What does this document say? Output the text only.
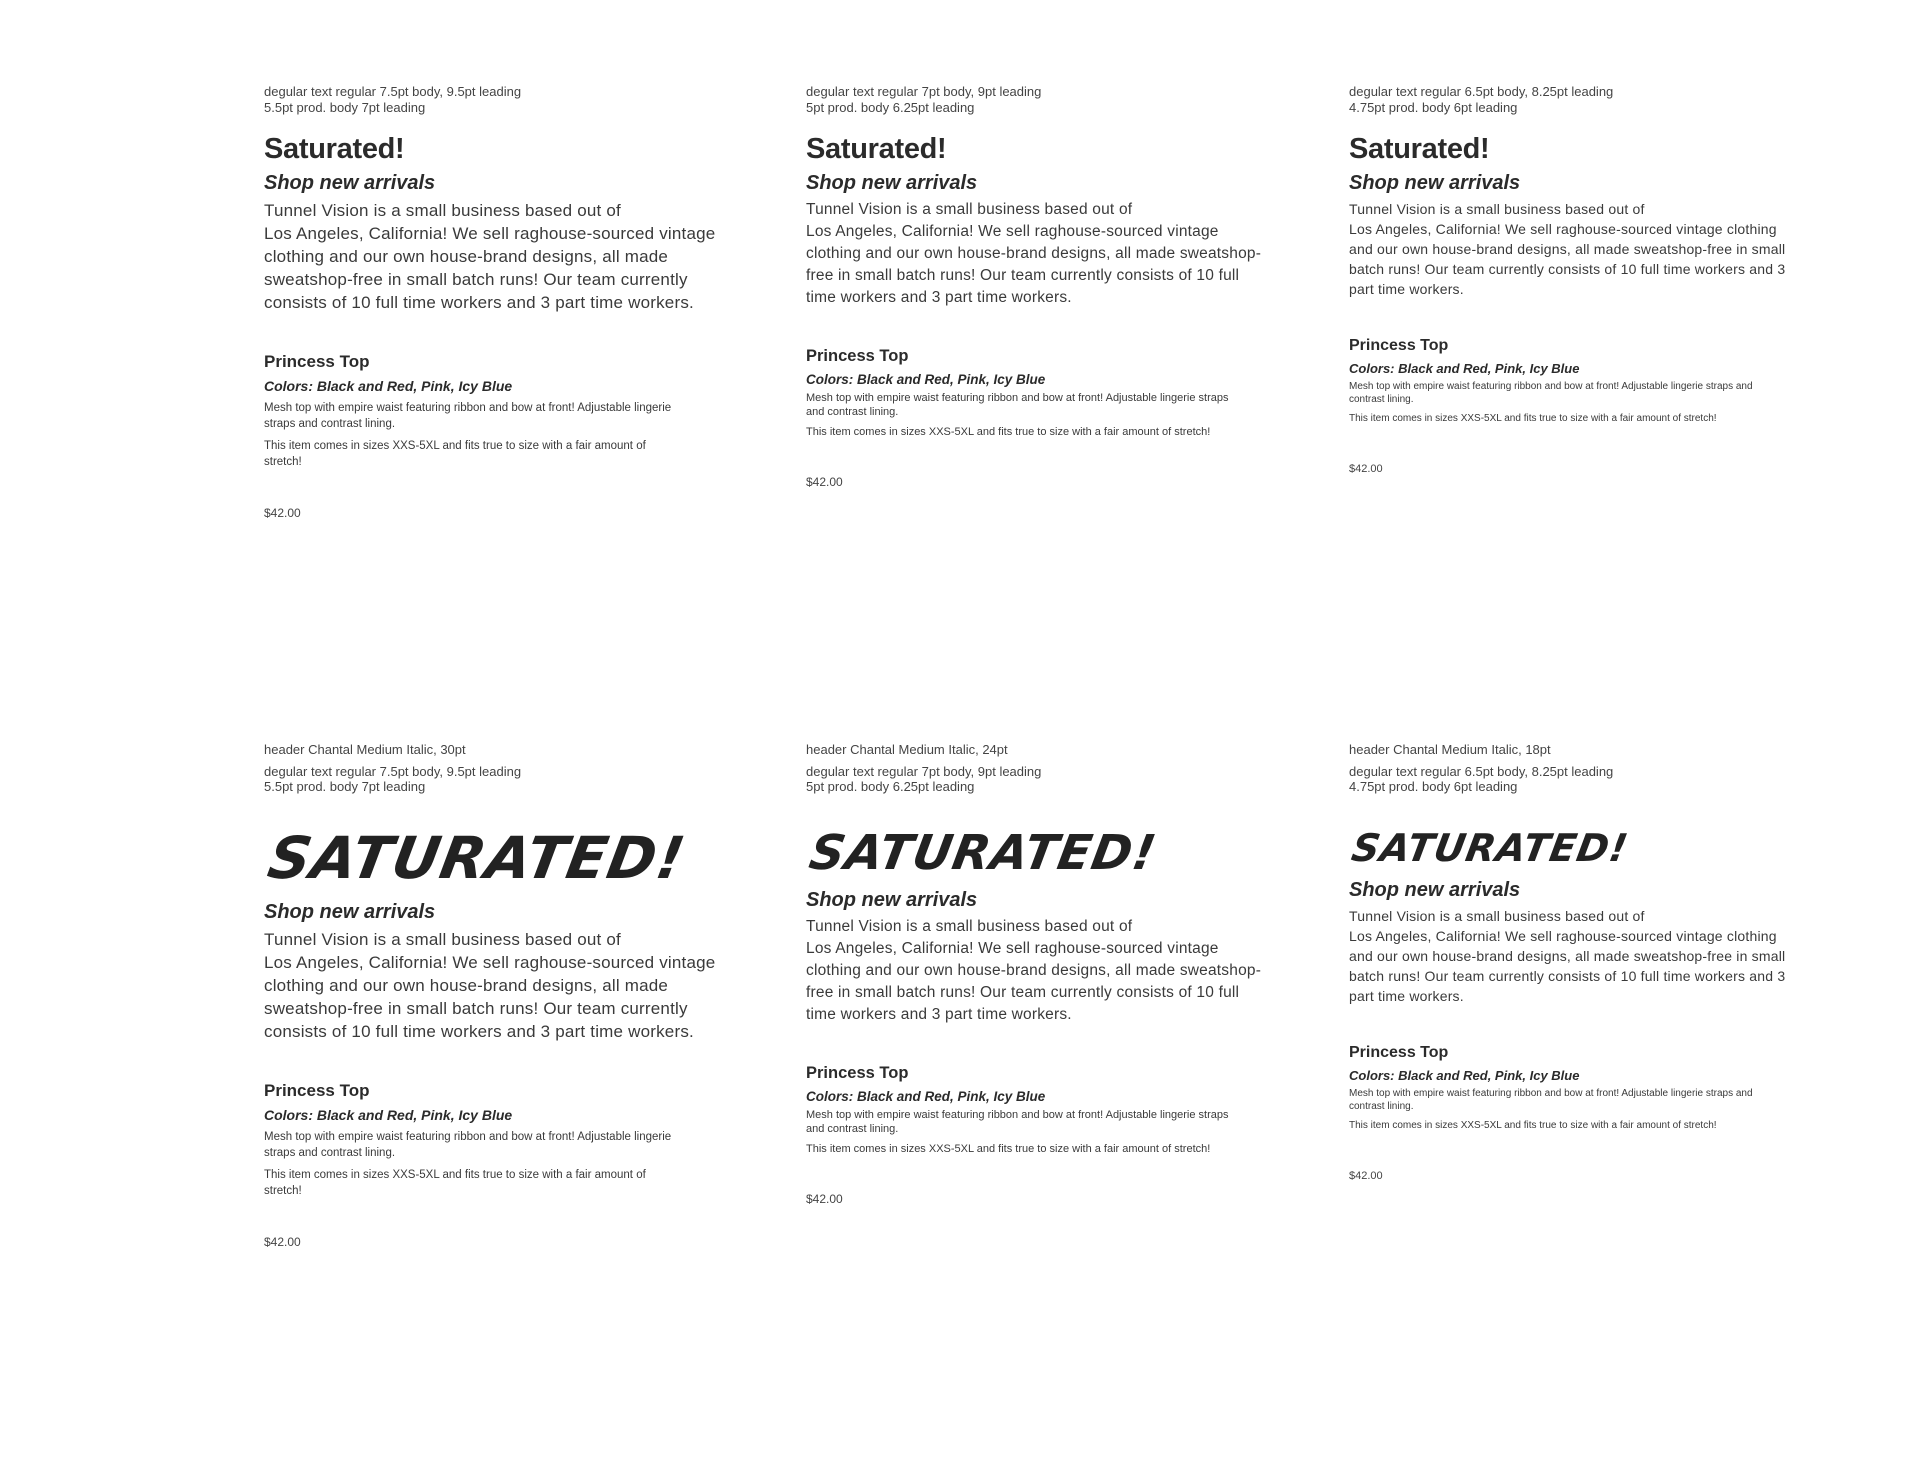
degular text regular 7.5pt body, 9.5pt leading

5.5pt prod. body 7pt leading

Saturated!
Shop new arrivals
Tunnel Vision is a small business based out of
Los Angeles, California! We sell raghouse-sourced vintage
clothing and our own house-brand designs, all made
sweatshop-free in small batch runs! Our team currently
consists of 10 full time workers and 3 part time workers.
Princess Top

Colors: Black and Red, Pink, Icy Blue

Mesh top with empire waist featuring ribbon and bow at front! Adjustable lingerie
straps and contrast lining.
This item comes in sizes XXS-5XL and fits true to size with a fair amount of
stretch!

$42.00

degular text regular 7pt body, 9pt leading

5pt prod. body 6.25pt leading

Saturated!
Shop new arrivals
Tunnel Vision is a small business based out of
Los Angeles, California! We sell raghouse-sourced vintage
clothing and our own house-brand designs, all made sweatshop-
free in small batch runs! Our team currently consists of 10 full
time workers and 3 part time workers.
Princess Top

Colors: Black and Red, Pink, Icy Blue

Mesh top with empire waist featuring ribbon and bow at front! Adjustable lingerie straps
and contrast lining.
This item comes in sizes XXS-5XL and fits true to size with a fair amount of stretch!

$42.00

degular text regular 6.5pt body, 8.25pt leading

4.75pt prod. body 6pt leading

Saturated!
Shop new arrivals
Tunnel Vision is a small business based out of
Los Angeles, California! We sell raghouse-sourced vintage clothing
and our own house-brand designs, all made sweatshop-free in small
batch runs! Our team currently consists of 10 full time workers and 3
part time workers.
Princess Top

Colors: Black and Red, Pink, Icy Blue

Mesh top with empire waist featuring ribbon and bow at front! Adjustable lingerie straps and
contrast lining.
This item comes in sizes XXS-5XL and fits true to size with a fair amount of stretch!

$42.00

header Chantal Medium Italic, 30pt

degular text regular 7.5pt body, 9.5pt leading

5.5pt prod. body 7pt leading

SATURATED!
Shop new arrivals
Tunnel Vision is a small business based out of
Los Angeles, California! We sell raghouse-sourced vintage
clothing and our own house-brand designs, all made
sweatshop-free in small batch runs! Our team currently
consists of 10 full time workers and 3 part time workers.
Princess Top

Colors: Black and Red, Pink, Icy Blue

Mesh top with empire waist featuring ribbon and bow at front! Adjustable lingerie
straps and contrast lining.
This item comes in sizes XXS-5XL and fits true to size with a fair amount of
stretch!

$42.00

header Chantal Medium Italic, 24pt

degular text regular 7pt body, 9pt leading

5pt prod. body 6.25pt leading

SATURATED!
Shop new arrivals
Tunnel Vision is a small business based out of
Los Angeles, California! We sell raghouse-sourced vintage
clothing and our own house-brand designs, all made sweatshop-
free in small batch runs! Our team currently consists of 10 full
time workers and 3 part time workers.
Princess Top

Colors: Black and Red, Pink, Icy Blue

Mesh top with empire waist featuring ribbon and bow at front! Adjustable lingerie straps
and contrast lining.
This item comes in sizes XXS-5XL and fits true to size with a fair amount of stretch!

$42.00

header Chantal Medium Italic, 18pt

degular text regular 6.5pt body, 8.25pt leading

4.75pt prod. body 6pt leading

SATURATED!
Shop new arrivals
Tunnel Vision is a small business based out of
Los Angeles, California! We sell raghouse-sourced vintage clothing
and our own house-brand designs, all made sweatshop-free in small
batch runs! Our team currently consists of 10 full time workers and 3
part time workers.
Princess Top

Colors: Black and Red, Pink, Icy Blue

Mesh top with empire waist featuring ribbon and bow at front! Adjustable lingerie straps and
contrast lining.
This item comes in sizes XXS-5XL and fits true to size with a fair amount of stretch!

$42.00
